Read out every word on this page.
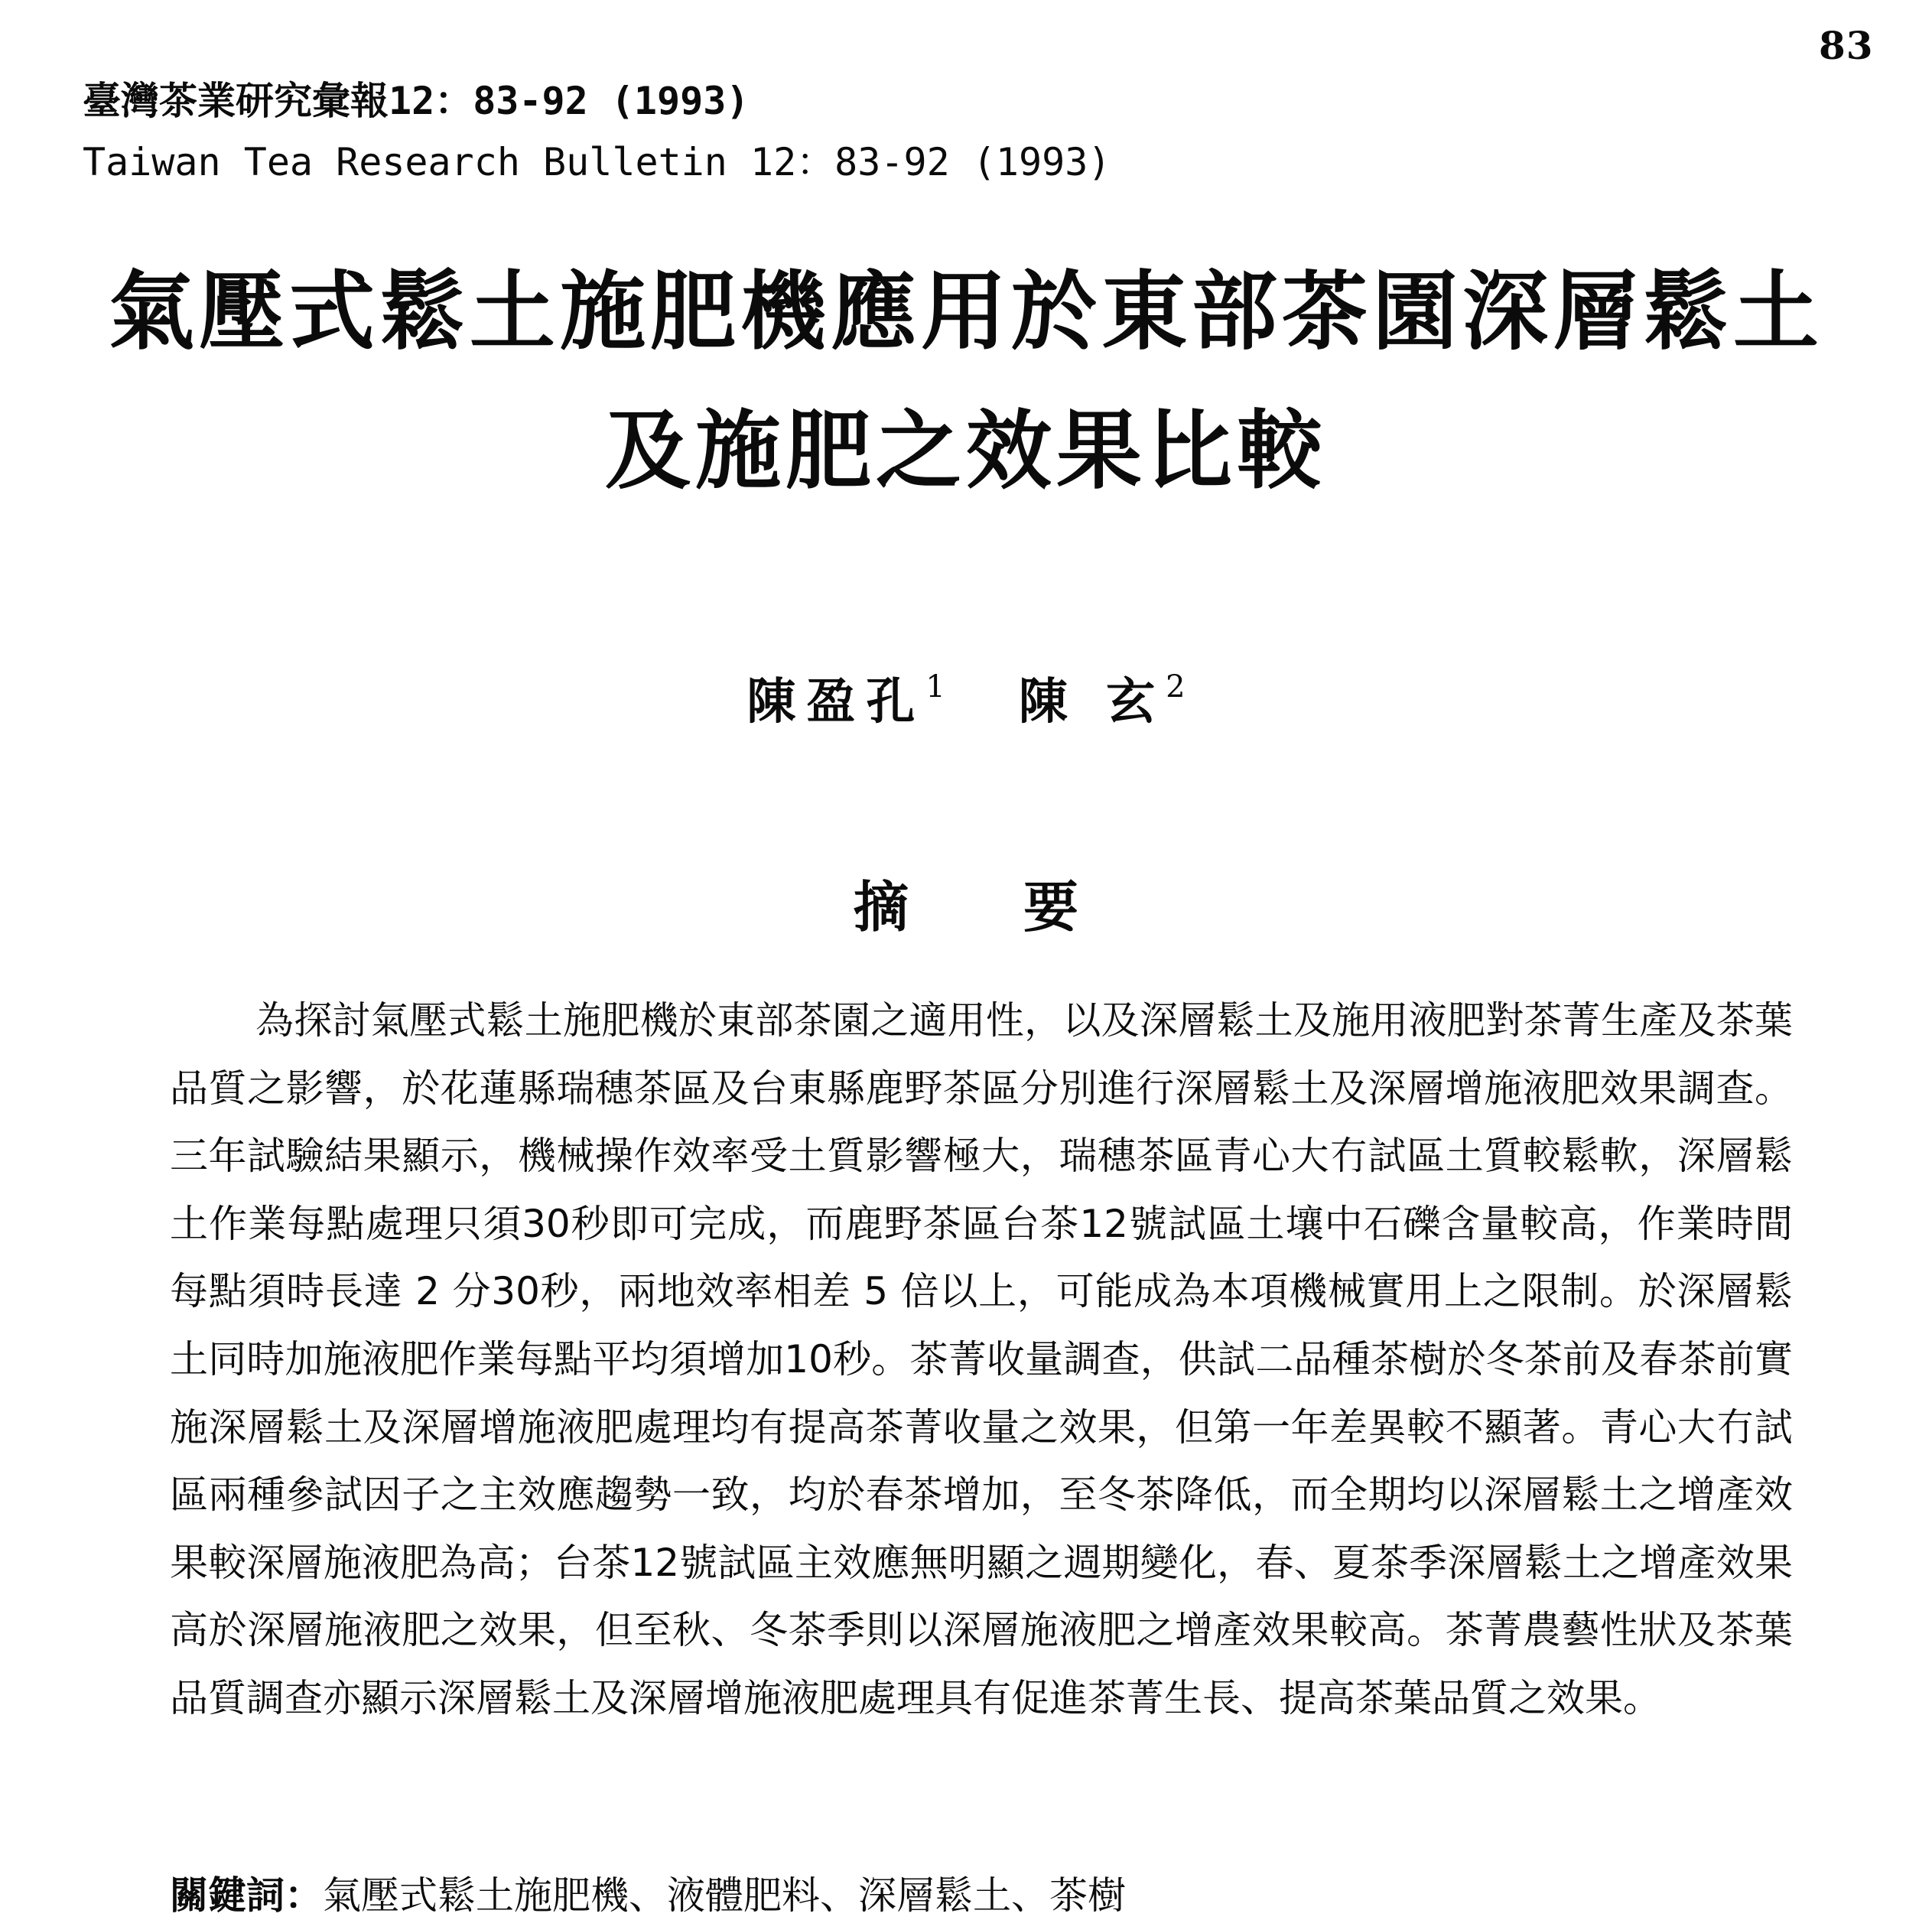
83
臺灣茶業研究彙報12：83-92 (1993)
Taiwan Tea Research Bulletin 12：83-92 (1993)
氣壓式鬆土施肥機應用於東部茶園深層鬆土
及施肥之效果比較
陳盈孔$^1$ 陳 玄$^2$
摘要
為探討氣壓式鬆土施肥機於東部茶園之適用性，以及深層鬆土及施用液肥對茶菁生產及茶葉品質之影響，於花蓮縣瑞穗茶區及台東縣鹿野茶區分別進行深層鬆土及深層增施液肥效果調查。三年試驗結果顯示，機械操作效率受土質影響極大，瑞穗茶區青心大冇試區土質較鬆軟，深層鬆土作業每點處理只須30秒即可完成，而鹿野茶區台茶12號試區土壤中石礫含量較高，作業時間每點須時長達 2 分30秒，兩地效率相差 5 倍以上，可能成為本項機械實用上之限制。於深層鬆土同時加施液肥作業每點平均須增加10秒。茶菁收量調查，供試二品種茶樹於冬茶前及春茶前實施深層鬆土及深層增施液肥處理均有提高茶菁收量之效果，但第一年差異較不顯著。青心大冇試區兩種參試因子之主效應趨勢一致，均於春茶增加，至冬茶降低，而全期均以深層鬆土之增產效果較深層施液肥為高；台茶12號試區主效應無明顯之週期變化，春、夏茶季深層鬆土之增產效果高於深層施液肥之效果，但至秋、冬茶季則以深層施液肥之增產效果較高。茶菁農藝性狀及茶葉品質調查亦顯示深層鬆土及深層增施液肥處理具有促進茶菁生長、提高茶葉品質之效果。
關鍵詞：氣壓式鬆土施肥機、液體肥料、深層鬆土、茶樹
